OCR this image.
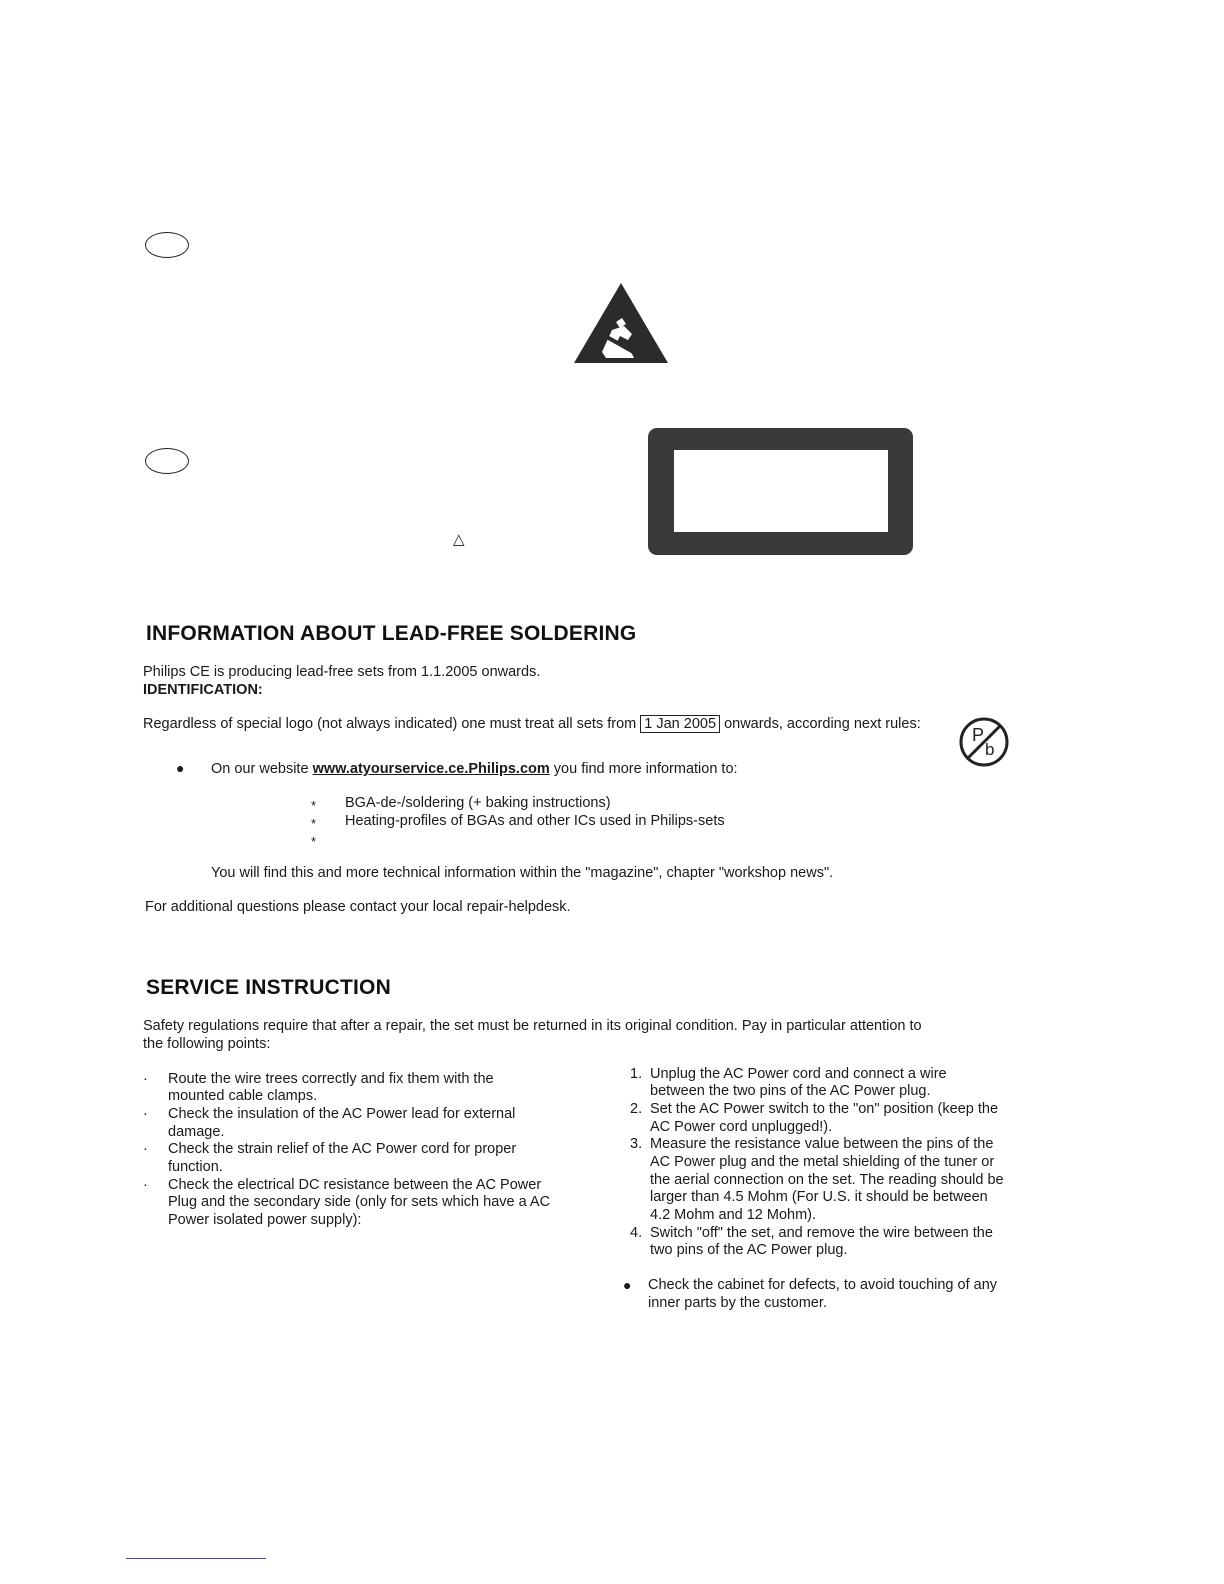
△
INFORMATION ABOUT LEAD-FREE SOLDERING

Philips CE is producing lead-free sets from 1.1.2005 onwards.

IDENTIFICATION:

Regardless of special logo (not always indicated) one must treat all sets from 1 Jan 2005 onwards, according next rules:

P
b
● On our website www.atyourservice.ce.Philips.com you find more information to:

* BGA-de-/soldering (+ baking instructions)

* Heating-profiles of BGAs and other ICs used in Philips-sets

*

You will find this and more technical information within the "magazine", chapter "workshop news".

For additional questions please contact your local repair-helpdesk.

SERVICE INSTRUCTION

Safety regulations require that after a repair, the set must be returned in its original condition. Pay in particular attention to

the following points:

· Route the wire trees correctly and fix them with the

mounted cable clamps.

· Check the insulation of the AC Power lead for external

damage.

· Check the strain relief of the AC Power cord for proper

function.

· Check the electrical DC resistance between the AC Power

Plug and the secondary side (only for sets which have a AC

Power isolated power supply):

1. Unplug the AC Power cord and connect a wire

between the two pins of the AC Power plug.

2. Set the AC Power switch to the "on" position (keep the

AC Power cord unplugged!).

3. Measure the resistance value between the pins of the

AC Power plug and the metal shielding of the tuner or

the aerial connection on the set. The reading should be

larger than 4.5 Mohm (For U.S. it should be between

4.2 Mohm and 12 Mohm).

4. Switch "off" the set, and remove the wire between the

two pins of the AC Power plug.

● Check the cabinet for defects, to avoid touching of any

inner parts by the customer.
